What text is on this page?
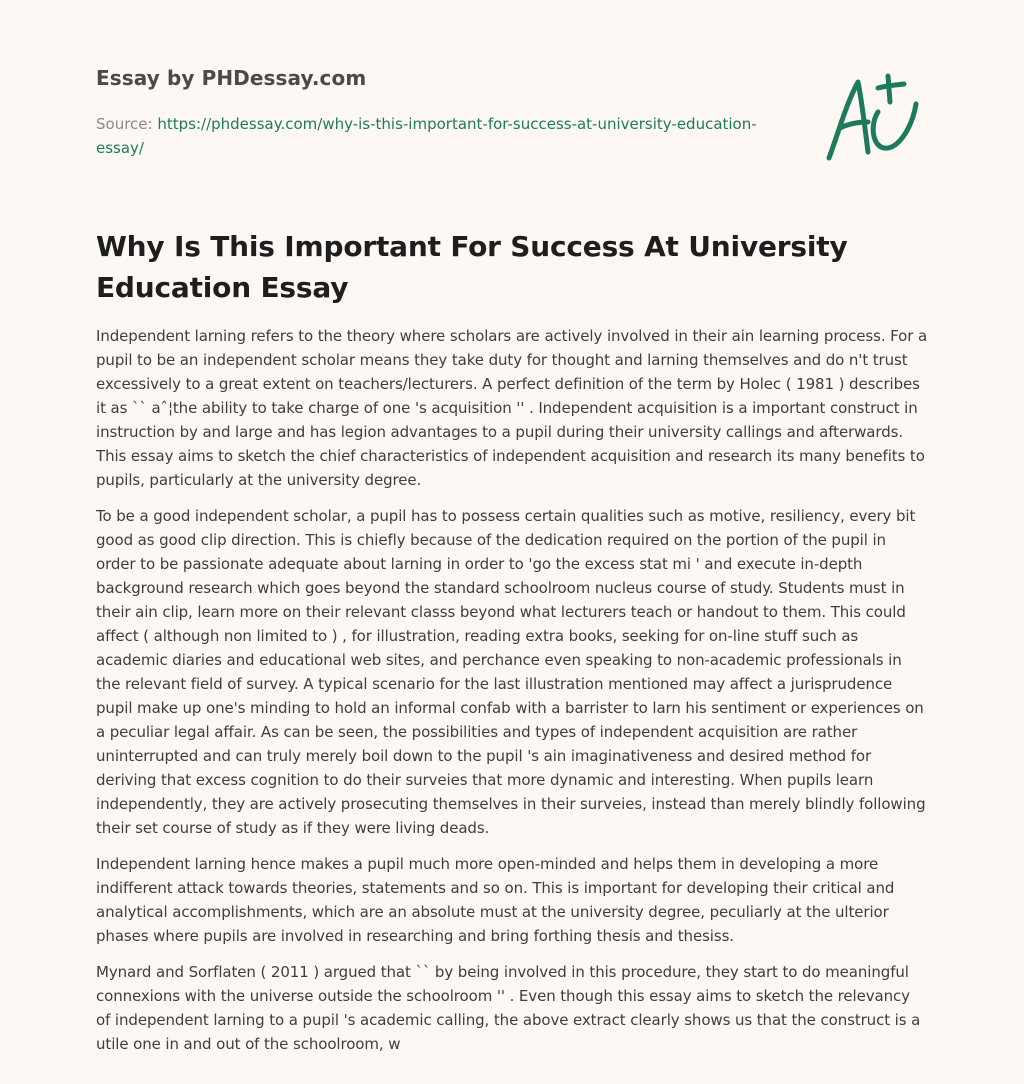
Essay by PHDessay.com
Source: https://phdessay.com/why-is-this-important-for-success-at-university-education-essay/
Why Is This Important For Success At University Education Essay

Independent larning refers to the theory where scholars are actively involved in their ain learning process. For a pupil to be an independent scholar means they take duty for thought and larning themselves and do n't trust excessively to a great extent on teachers/lecturers. A perfect definition of the term by Holec ( 1981 ) describes it as `` aˆ¦the ability to take charge of one 's acquisition '' . Independent acquisition is a important construct in instruction by and large and has legion advantages to a pupil during their university callings and afterwards. This essay aims to sketch the chief characteristics of independent acquisition and research its many benefits to pupils, particularly at the university degree.

To be a good independent scholar, a pupil has to possess certain qualities such as motive, resiliency, every bit good as good clip direction. This is chiefly because of the dedication required on the portion of the pupil in order to be passionate adequate about larning in order to 'go the excess stat mi ' and execute in-depth background research which goes beyond the standard schoolroom nucleus course of study. Students must in their ain clip, learn more on their relevant classs beyond what lecturers teach or handout to them. This could affect ( although non limited to ) , for illustration, reading extra books, seeking for on-line stuff such as academic diaries and educational web sites, and perchance even speaking to non-academic professionals in the relevant field of survey. A typical scenario for the last illustration mentioned may affect a jurisprudence pupil make up one's minding to hold an informal confab with a barrister to larn his sentiment or experiences on a peculiar legal affair. As can be seen, the possibilities and types of independent acquisition are rather uninterrupted and can truly merely boil down to the pupil 's ain imaginativeness and desired method for deriving that excess cognition to do their surveies that more dynamic and interesting. When pupils learn independently, they are actively prosecuting themselves in their surveies, instead than merely blindly following their set course of study as if they were living deads.

Independent larning hence makes a pupil much more open-minded and helps them in developing a more indifferent attack towards theories, statements and so on. This is important for developing their critical and analytical accomplishments, which are an absolute must at the university degree, peculiarly at the ulterior phases where pupils are involved in researching and bring forthing thesis and thesiss.

Mynard and Sorflaten ( 2011 ) argued that `` by being involved in this procedure, they start to do meaningful connexions with the universe outside the schoolroom '' . Even though this essay aims to sketch the relevancy of independent larning to a pupil 's academic calling, the above extract clearly shows us that the construct is a utile one in and out of the schoolroom, w
